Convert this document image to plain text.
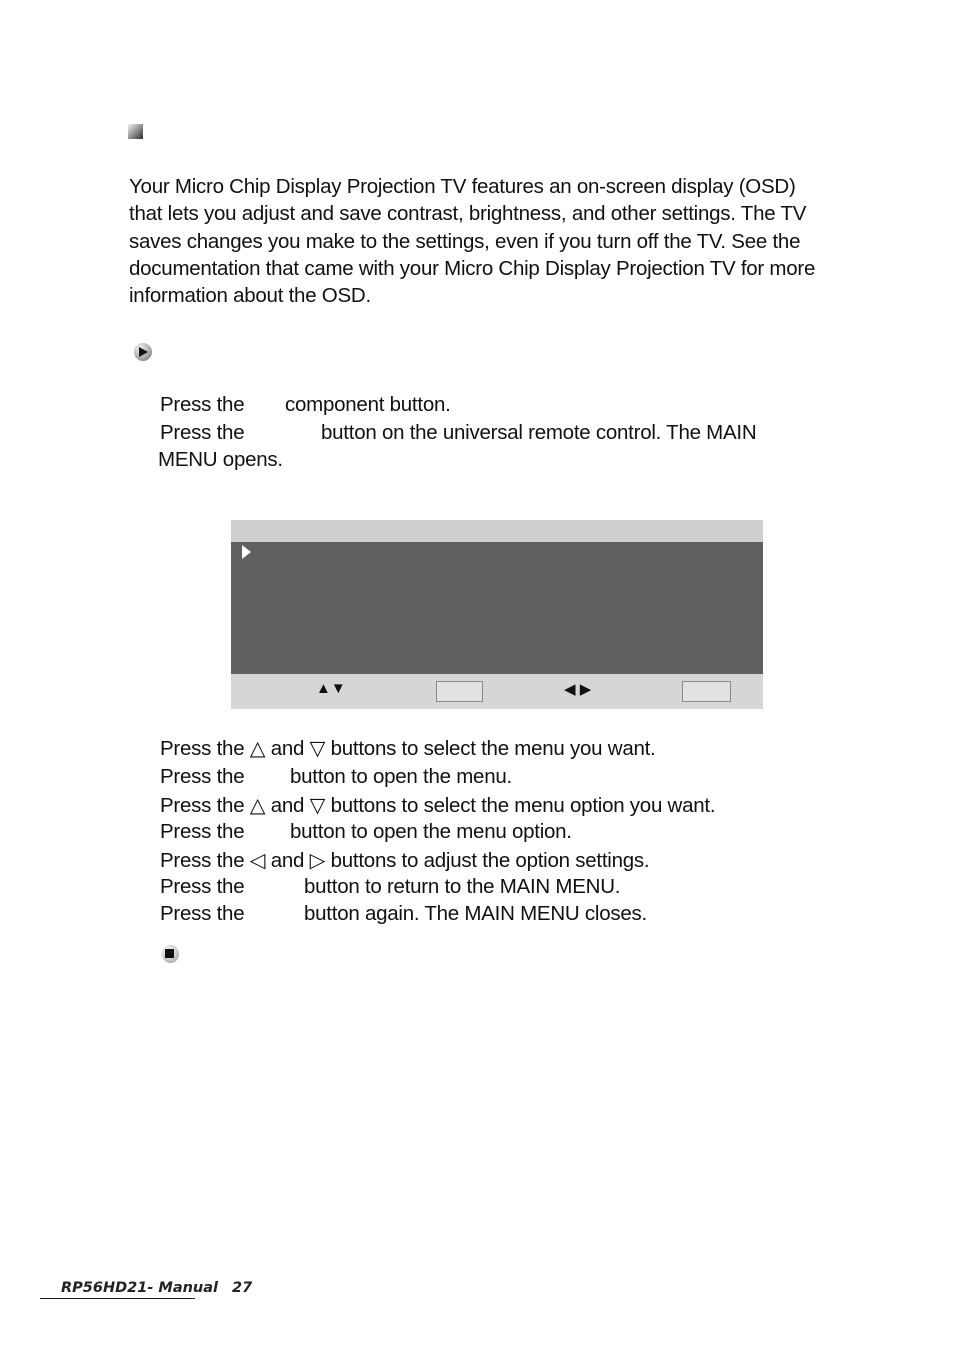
Your Micro Chip Display Projection TV features an on-screen display (OSD) that lets you adjust and save contrast, brightness, and other settings. The TV saves changes you make to the settings, even if you turn off the TV. See the documentation that came with your Micro Chip Display Projection TV for more information about the OSD.
Press the component button.
Press the	button on the universal remote control. The MAIN
MENU opens.
▲▼	◀ ▶
Press the △ and ▽ buttons to select the menu you want.
Press the button to open the menu.
Press the △ and ▽ buttons to select the menu option you want.
Press the button to open the menu option.
Press the ◁ and ▷ buttons to adjust the option settings.
Press the	button to return to the MAIN MENU.
Press the	button again. The MAIN MENU closes.
RP56HD21- Manual 27
